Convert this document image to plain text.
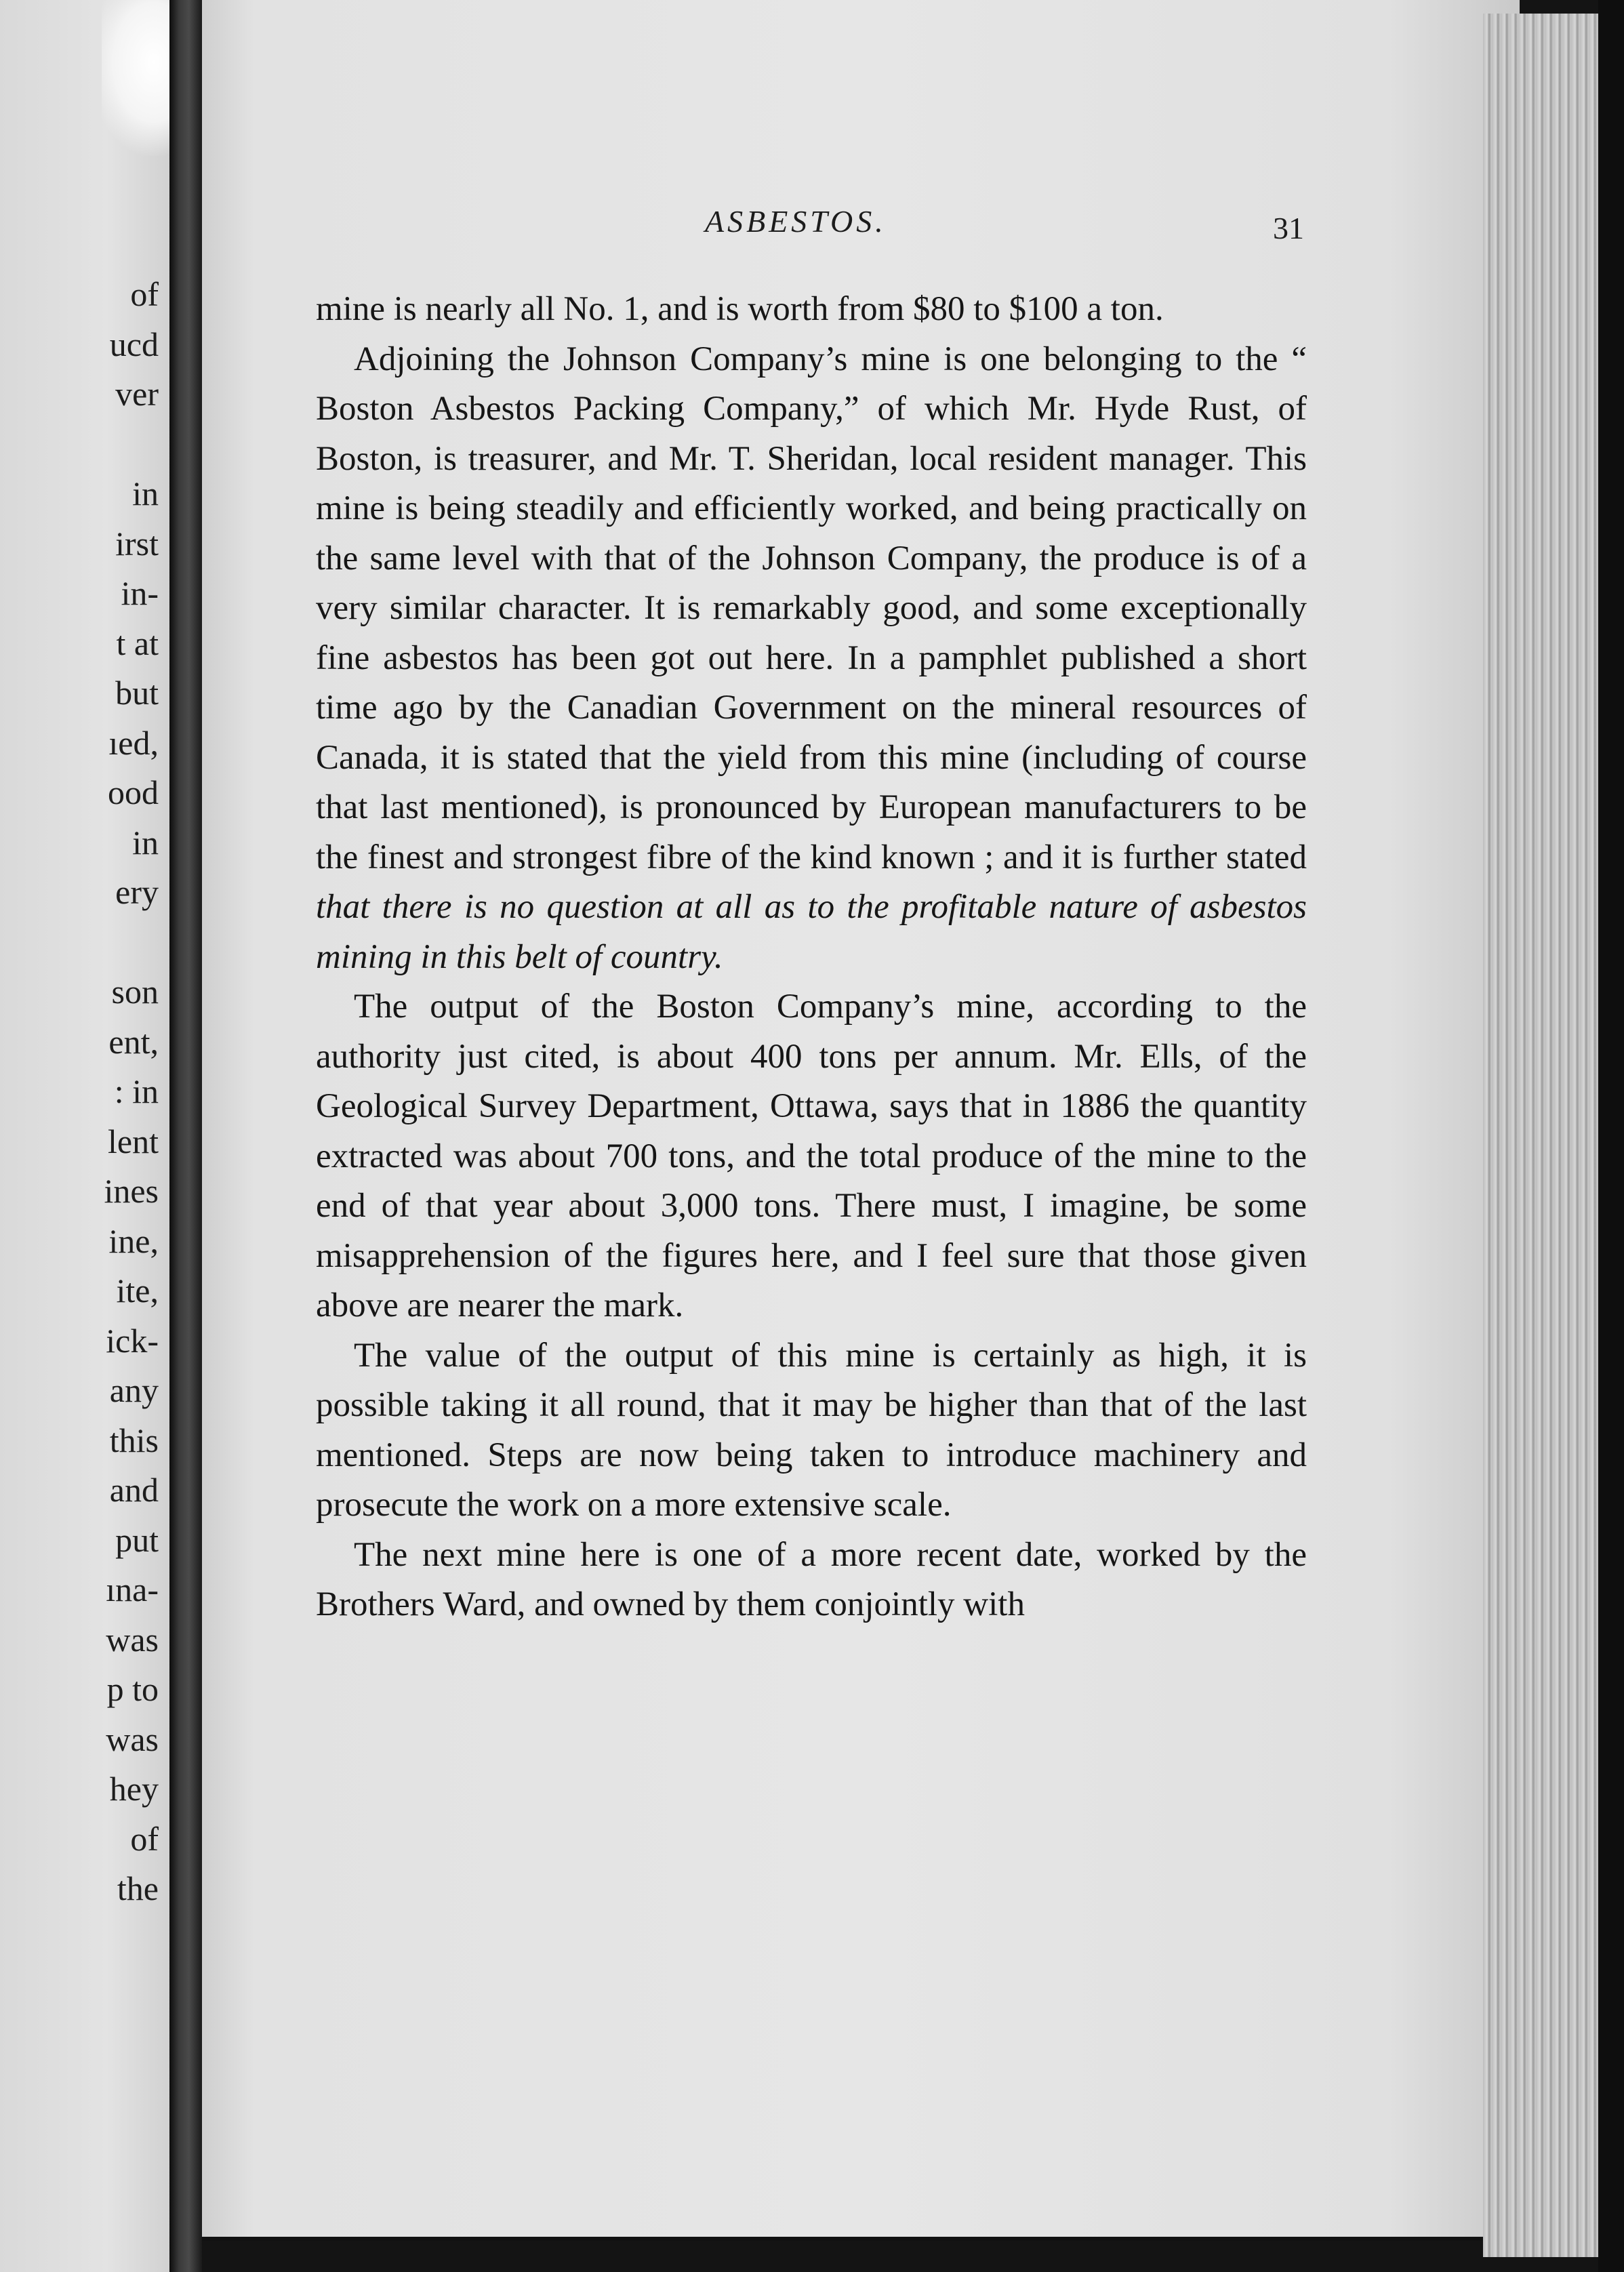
of
ucd
ver
in
irst
in-
t at
but
ıed,
ood
in
ery
son
ent,
: in
lent
ines
ine,
ite,
ick-
any
this
and
put
ına-
was
p to
was
hey
of
the
ASBESTOS.	31

mine is nearly all No. 1, and is worth from $80 to $100 a ton.

Adjoining the Johnson Company’s mine is one belonging to the “ Boston Asbestos Packing Company,” of which Mr. Hyde Rust, of Boston, is treasurer, and Mr. T. Sheridan, local resident manager. This mine is being steadily and efficiently worked, and being practically on the same level with that of the Johnson Company, the produce is of a very similar character. It is remarkably good, and some exceptionally fine asbestos has been got out here. In a pamphlet published a short time ago by the Canadian Government on the mineral resources of Canada, it is stated that the yield from this mine (including of course that last mentioned), is pronounced by European manufacturers to be the finest and strongest fibre of the kind known ; and it is further stated that there is no question at all as to the profitable nature of asbestos mining in this belt of country.

The output of the Boston Company’s mine, according to the authority just cited, is about 400 tons per annum. Mr. Ells, of the Geological Survey Department, Ottawa, says that in 1886 the quantity extracted was about 700 tons, and the total produce of the mine to the end of that year about 3,000 tons. There must, I imagine, be some misapprehension of the figures here, and I feel sure that those given above are nearer the mark.

The value of the output of this mine is certainly as high, it is possible taking it all round, that it may be higher than that of the last mentioned. Steps are now being taken to introduce machinery and prosecute the work on a more extensive scale.

The next mine here is one of a more recent date, worked by the Brothers Ward, and owned by them conjointly with
